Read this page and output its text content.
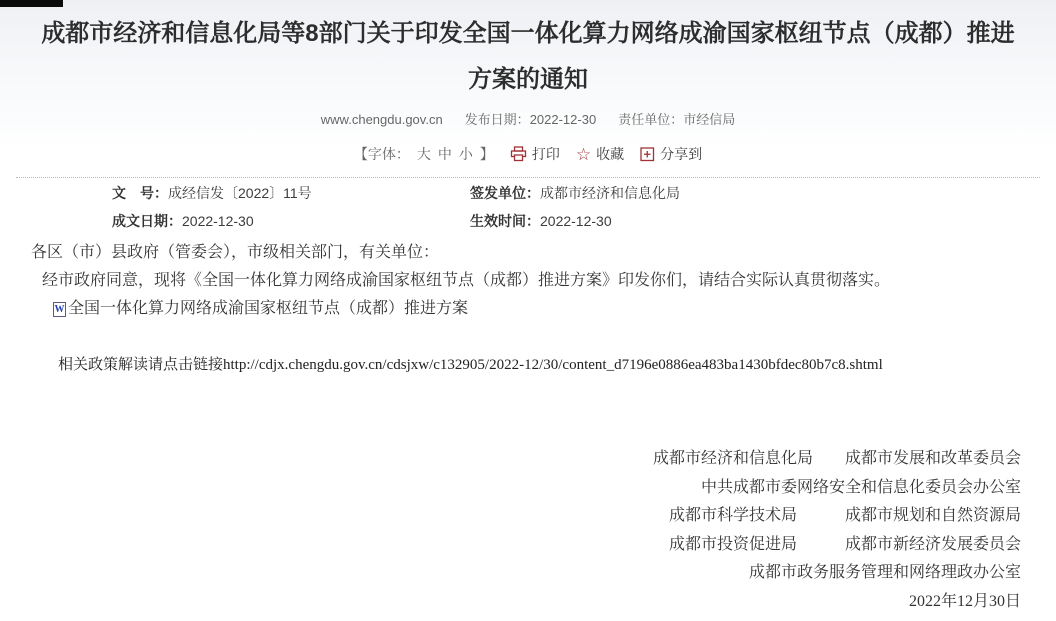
成都市经济和信息化局等8部门关于印发全国一体化算力网络成渝国家枢纽节点（成都）推进方案的通知
www.chengdu.gov.cn 发布日期：2022-12-30 责任单位：市经信局
【字体： 大 中 小 】	打印 ☆ 收藏	分享到
文　号：成经信发〔2022〕11号	签发单位：成都市经济和信息化局
成文日期：2022-12-30	生效时间：2022-12-30
各区（市）县政府（管委会），市级相关部门，有关单位：
经市政府同意，现将《全国一体化算力网络成渝国家枢纽节点（成都）推进方案》印发你们，请结合实际认真贯彻落实。
W 全国一体化算力网络成渝国家枢纽节点（成都）推进方案
相关政策解读请点击链接http://cdjx.chengdu.gov.cn/cdsjxw/c132905/2022-12/30/content_d7196e0886ea483ba1430bfdec80b7c8.shtml
成都市经济和信息化局　　成都市发展和改革委员会
中共成都市委网络安全和信息化委员会办公室
成都市科学技术局　　　成都市规划和自然资源局
成都市投资促进局　　　成都市新经济发展委员会
成都市政务服务管理和网络理政办公室
2022年12月30日
